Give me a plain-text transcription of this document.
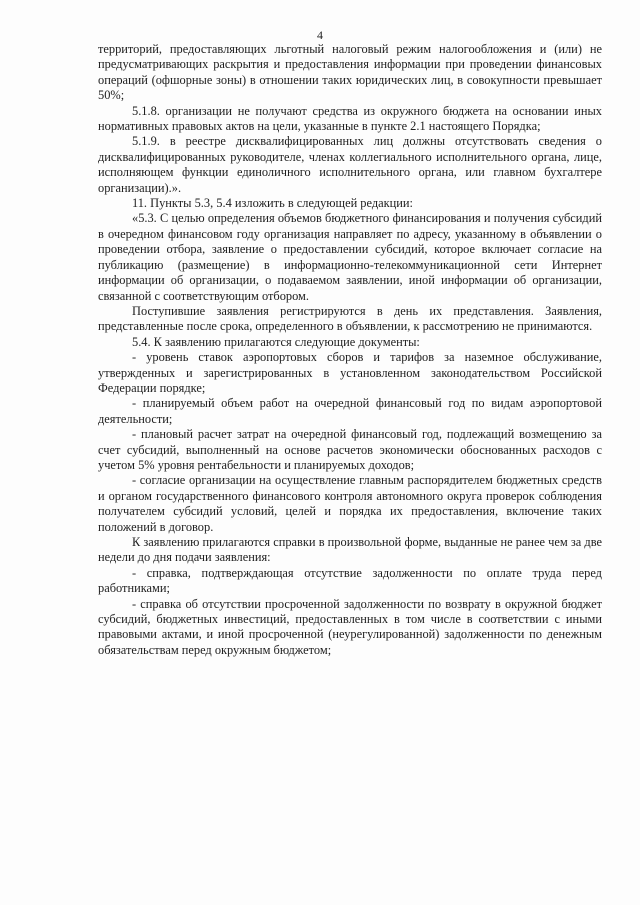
4

территорий, предоставляющих льготный налоговый режим налогообложения и (или) не предусматривающих раскрытия и предоставления информации при проведении финансовых операций (офшорные зоны) в отношении таких юридических лиц, в совокупности превышает 50%;

5.1.8. организации не получают средства из окружного бюджета на основании иных нормативных правовых актов на цели, указанные в пункте 2.1 настоящего Порядка;

5.1.9. в реестре дисквалифицированных лиц должны отсутствовать сведения о дисквалифицированных руководителе, членах коллегиального исполнительного органа, лице, исполняющем функции единоличного исполнительного органа, или главном бухгалтере организации).».

11. Пункты 5.3, 5.4 изложить в следующей редакции:

«5.3. С целью определения объемов бюджетного финансирования и получения субсидий в очередном финансовом году организация направляет по адресу, указанному в объявлении о проведении отбора, заявление о предоставлении субсидий, которое включает согласие на публикацию (размещение) в информационно-телекоммуникационной сети Интернет информации об организации, о подаваемом заявлении, иной информации об организации, связанной с соответствующим отбором.

Поступившие заявления регистрируются в день их представления. Заявления, представленные после срока, определенного в объявлении, к рассмотрению не принимаются.

5.4. К заявлению прилагаются следующие документы:

- уровень ставок аэропортовых сборов и тарифов за наземное обслуживание, утвержденных и зарегистрированных в установленном законодательством Российской Федерации порядке;

- планируемый объем работ на очередной финансовый год по видам аэропортовой деятельности;

- плановый расчет затрат на очередной финансовый год, подлежащий возмещению за счет субсидий, выполненный на основе расчетов экономически обоснованных расходов с учетом 5% уровня рентабельности и планируемых доходов;

- согласие организации на осуществление главным распорядителем бюджетных средств и органом государственного финансового контроля автономного округа проверок соблюдения получателем субсидий условий, целей и порядка их предоставления, включение таких положений в договор.

К заявлению прилагаются справки в произвольной форме, выданные не ранее чем за две недели до дня подачи заявления:

- справка, подтверждающая отсутствие задолженности по оплате труда перед работниками;

- справка об отсутствии просроченной задолженности по возврату в окружной бюджет субсидий, бюджетных инвестиций, предоставленных в том числе в соответствии с иными правовыми актами, и иной просроченной (неурегулированной) задолженности по денежным обязательствам перед окружным бюджетом;
